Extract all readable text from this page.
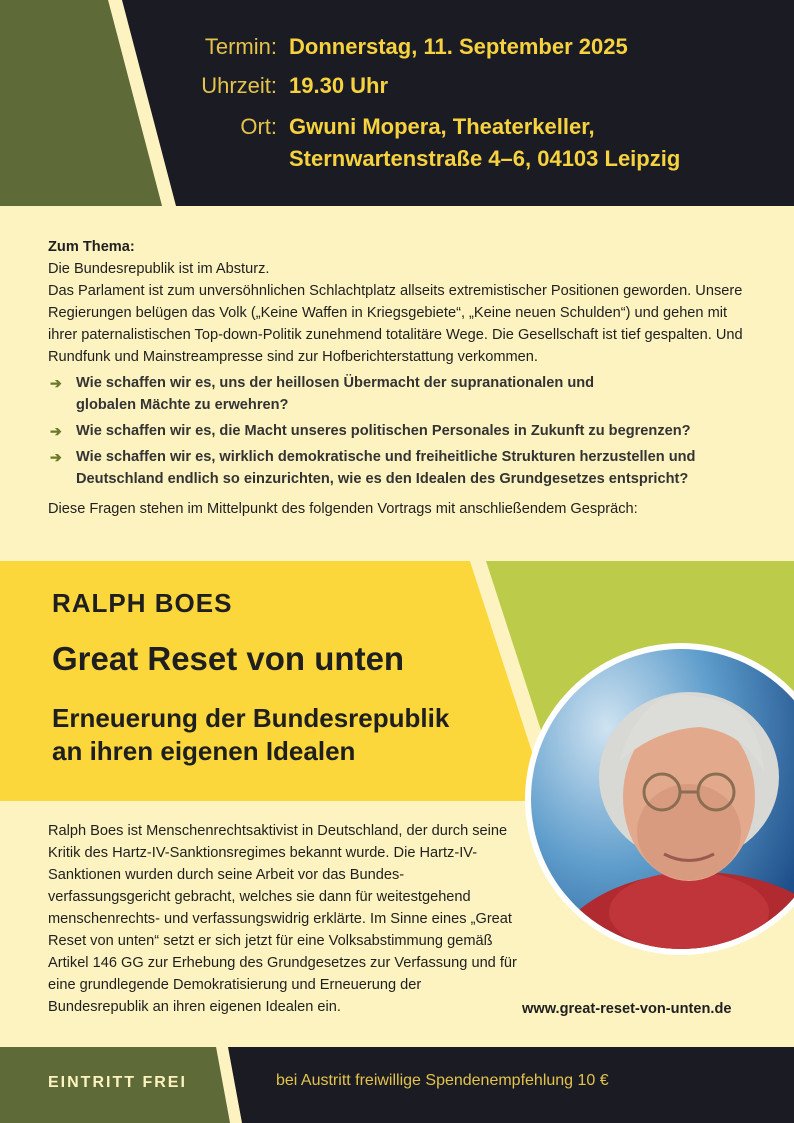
Termin: Donnerstag, 11. September 2025
Uhrzeit: 19.30 Uhr
Ort: Gwuni Mopera, Theaterkeller,
Sternwartenstraße 4–6, 04103 Leipzig

Zum Thema:

Die Bundesrepublik ist im Absturz.

Das Parlament ist zum unversöhnlichen Schlachtplatz allseits extremistischer Positionen geworden. Unsere Regierungen belügen das Volk („Keine Waffen in Kriegsgebiete“, „Keine neuen Schulden“) und gehen mit ihrer paternalistischen Top-down-Politik zunehmend totalitäre Wege. Die Gesellschaft ist tief gespalten. Und Rundfunk und Mainstreampresse sind zur Hofberichterstattung verkommen.

➔ Wie schaffen wir es, uns der heillosen Übermacht der supranationalen und globalen Mächte zu erwehren?
➔ Wie schaffen wir es, die Macht unseres politischen Personales in Zukunft zu begrenzen?
➔ Wie schaffen wir es, wirklich demokratische und freiheitliche Strukturen herzustellen und Deutschland endlich so einzurichten, wie es den Idealen des Grundgesetzes entspricht?

Diese Fragen stehen im Mittelpunkt des folgenden Vortrags mit anschließendem Gespräch:

RALPH BOES
Great Reset von unten
Erneuerung der Bundesrepublik
an ihren eigenen Idealen
Ralph Boes ist Menschenrechtsaktivist in Deutschland, der durch seine Kritik des Hartz-IV-Sanktionsregimes bekannt wurde. Die Hartz-IV-Sanktionen wurden durch seine Arbeit vor das Bundes-verfassungsgericht gebracht, welches sie dann für weitestgehend menschenrechts- und verfassungswidrig erklärte. Im Sinne eines „Great Reset von unten“ setzt er sich jetzt für eine Volksabstimmung gemäß Artikel 146 GG zur Erhebung des Grundgesetzes zur Verfassung und für eine grundlegende Demokratisierung und Erneuerung der Bundesrepublik an ihren eigenen Idealen ein.	www.great-reset-von-unten.de
EINTRITT FREI	bei Austritt freiwillige Spendenempfehlung 10 €
